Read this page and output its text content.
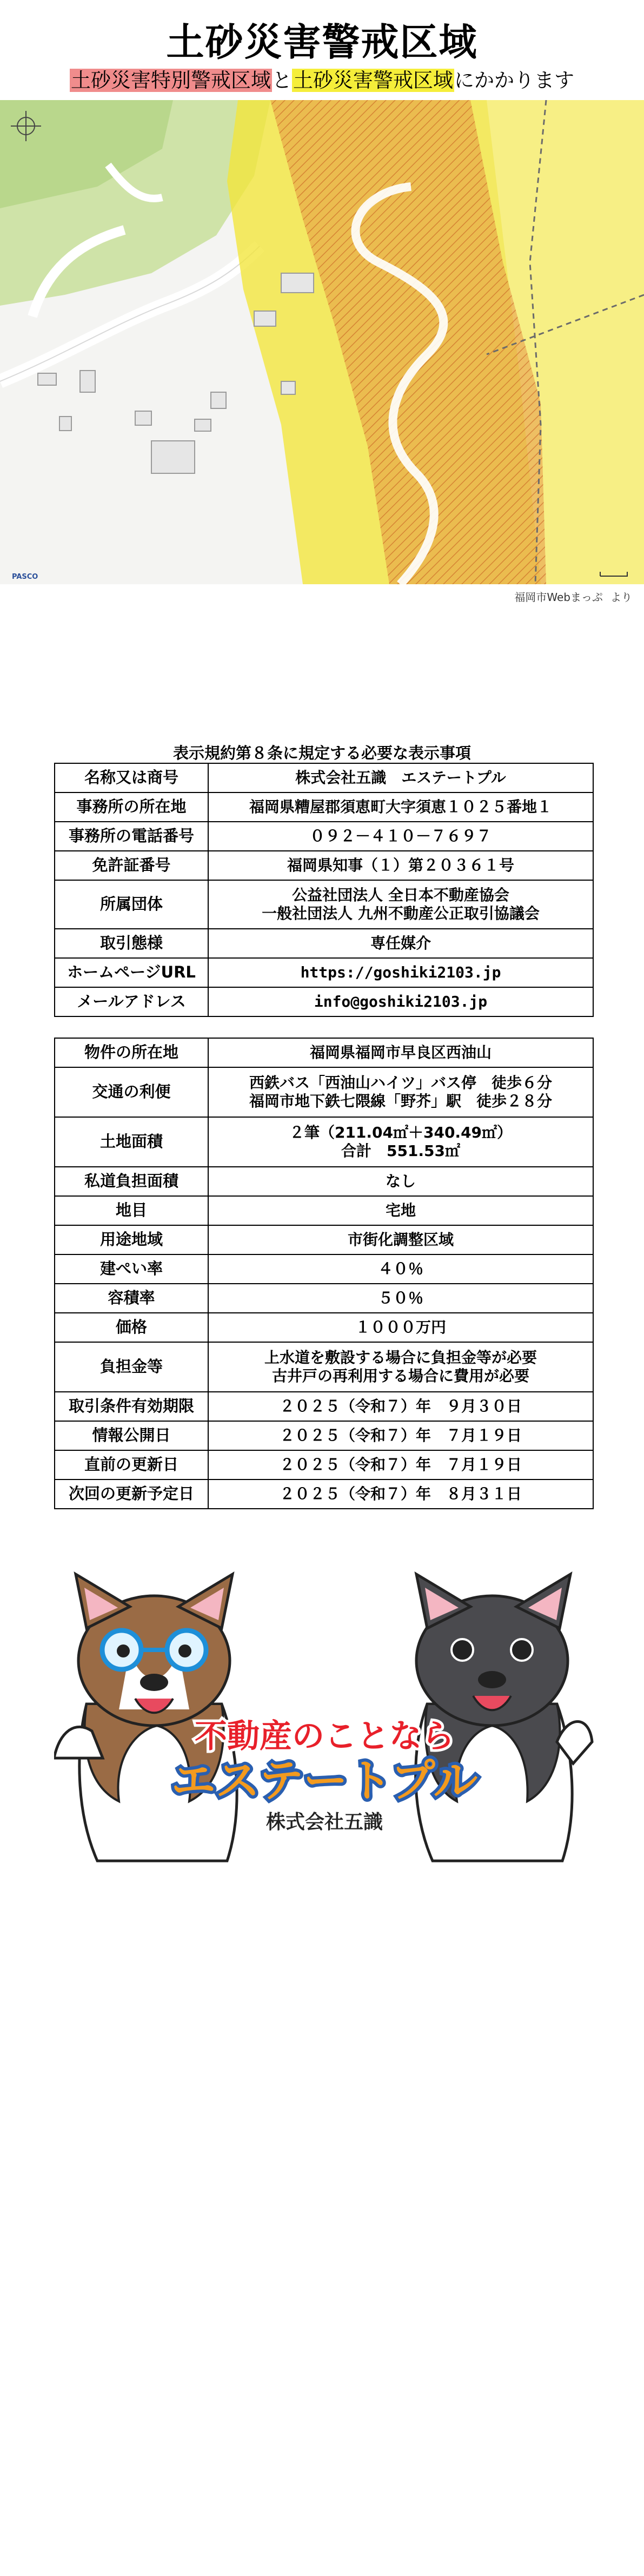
土砂災害警戒区域
土砂災害特別警戒区域と土砂災害警戒区域にかかります
PASCO
福岡市Webまっぷ より
表示規約第８条に規定する必要な表示事項
名称又は商号	株式会社五識　エステートプル

事務所の所在地	福岡県糟屋郡須恵町大字須恵１０２５番地１

事務所の電話番号	０９２－４１０－７６９７

免許証番号	福岡県知事（１）第２０３６１号

所属団体	公益社団法人 全日本不動産協会
一般社団法人 九州不動産公正取引協議会

取引態様	専任媒介

ホームページURL	https://goshiki2103.jp

メールアドレス	info@goshiki2103.jp
物件の所在地	福岡県福岡市早良区西油山

交通の利便	西鉄バス「西油山ハイツ」バス停　徒歩６分
福岡市地下鉄七隈線「野芥」駅　徒歩２８分

土地面積	２筆（211.04㎡＋340.49㎡）
合計　551.53㎡

私道負担面積	なし

地目	宅地

用途地域	市街化調整区域

建ぺい率	４０％

容積率	５０％

価格	１０００万円

負担金等	上水道を敷設する場合に負担金等が必要
古井戸の再利用する場合に費用が必要

取引条件有効期限	２０２５（令和７）年　９月３０日

情報公開日	２０２５（令和７）年　７月１９日

直前の更新日	２０２５（令和７）年　７月１９日

次回の更新予定日	２０２５（令和７）年　８月３１日
不動産のことなら
エステートプル
株式会社五識
